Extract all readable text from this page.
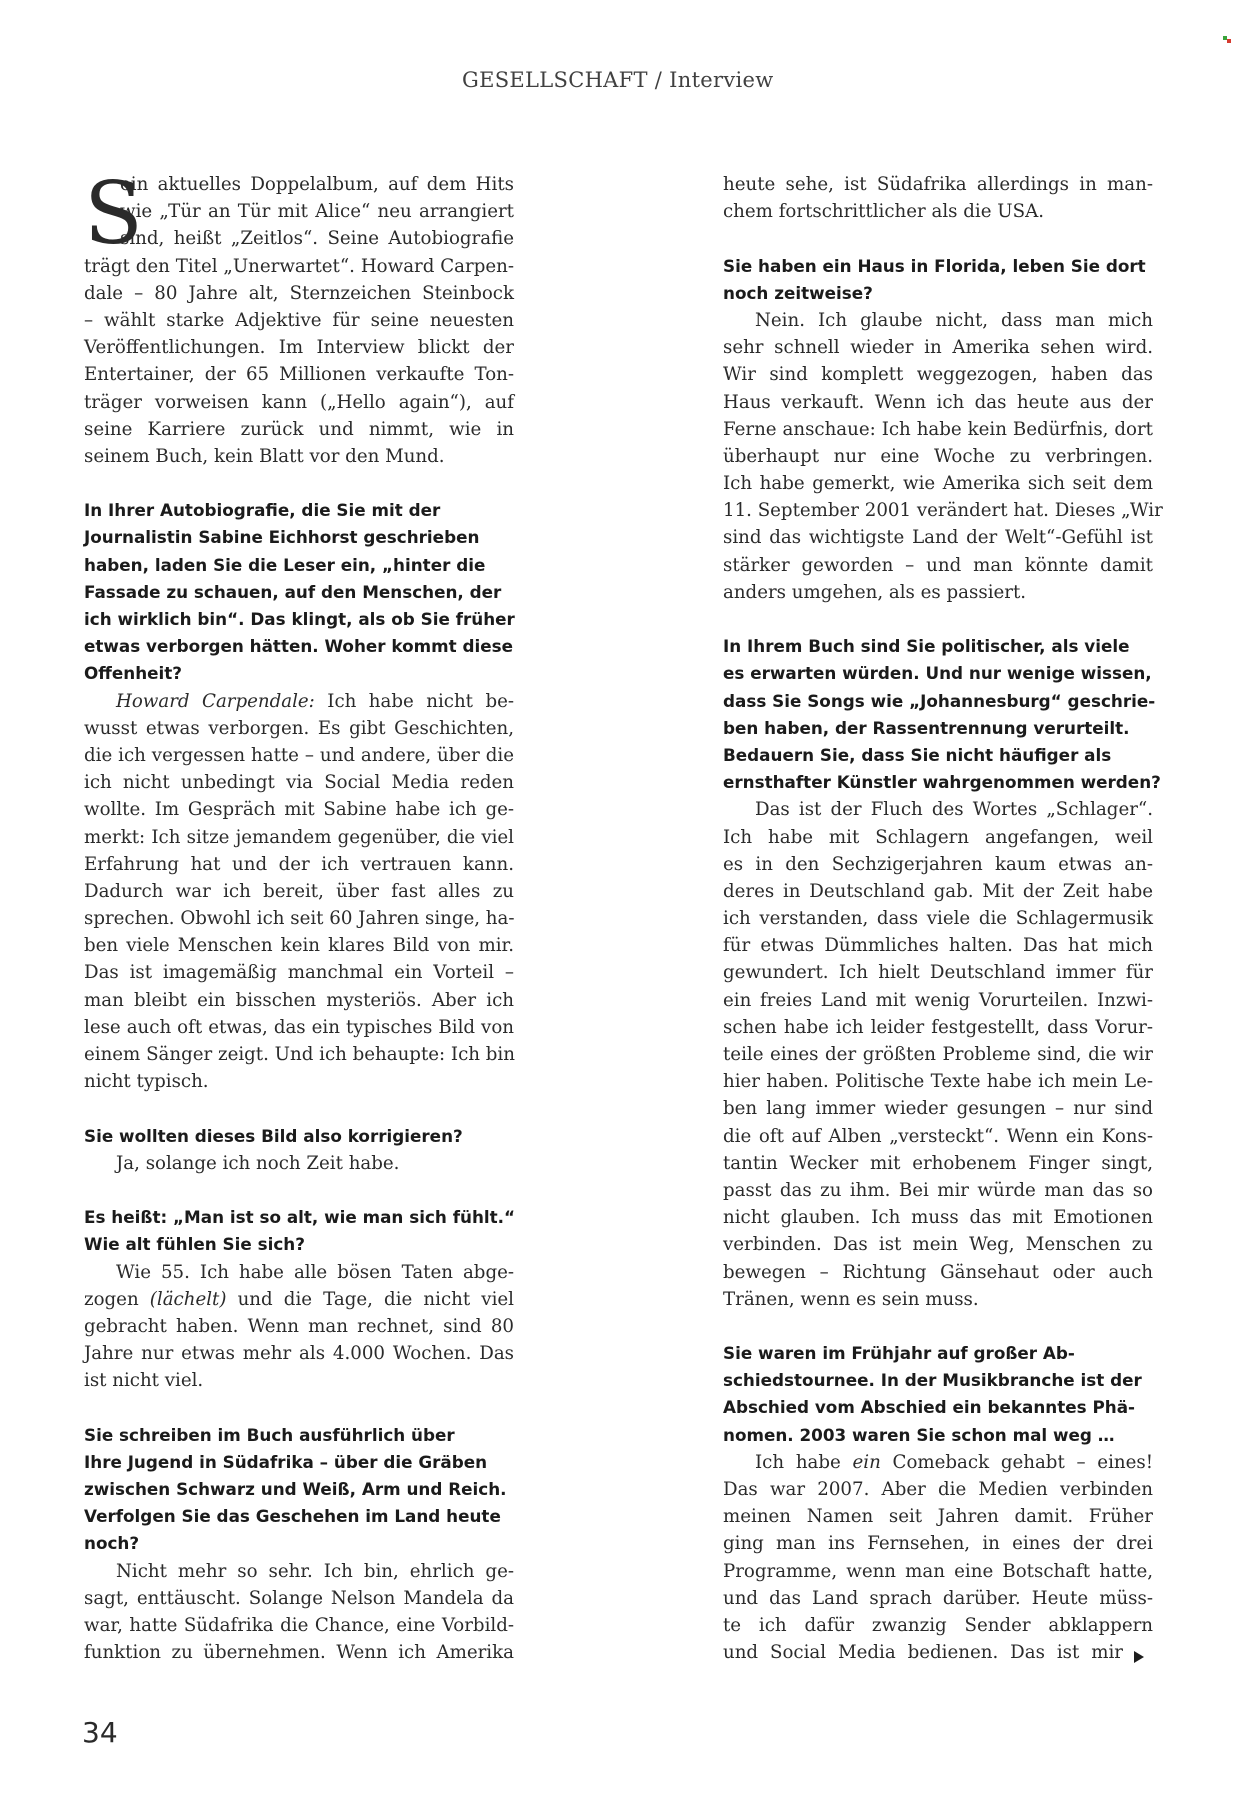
GESELLSCHAFT / Interview
S
ein aktuelles Doppelalbum, auf dem Hits
wie „Tür an Tür mit Alice“ neu arrangiert
sind, heißt „Zeitlos“. Seine Autobiografie
trägt den Titel „Unerwartet“. Howard Carpen-
dale – 80 Jahre alt, Sternzeichen Steinbock
– wählt starke Adjektive für seine neuesten
Veröffentlichungen. Im Interview blickt der
Entertainer, der 65 Millionen verkaufte Ton-
träger vorweisen kann („Hello again“), auf
seine Karriere zurück und nimmt, wie in
seinem Buch, kein Blatt vor den Mund.
In Ihrer Autobiografie, die Sie mit der
Journalistin Sabine Eichhorst geschrieben
haben, laden Sie die Leser ein, „hinter die
Fassade zu schauen, auf den Menschen, der
ich wirklich bin“. Das klingt, als ob Sie früher
etwas verborgen hätten. Woher kommt diese
Offenheit?
Howard Carpendale: Ich habe nicht be-
wusst etwas verborgen. Es gibt Geschichten,
die ich vergessen hatte – und andere, über die
ich nicht unbedingt via Social Media reden
wollte. Im Gespräch mit Sabine habe ich ge-
merkt: Ich sitze jemandem gegenüber, die viel
Erfahrung hat und der ich vertrauen kann.
Dadurch war ich bereit, über fast alles zu
sprechen. Obwohl ich seit 60 Jahren singe, ha-
ben viele Menschen kein klares Bild von mir.
Das ist imagemäßig manchmal ein Vorteil –
man bleibt ein bisschen mysteriös. Aber ich
lese auch oft etwas, das ein typisches Bild von
einem Sänger zeigt. Und ich behaupte: Ich bin
nicht typisch.
Sie wollten dieses Bild also korrigieren?
Ja, solange ich noch Zeit habe.
Es heißt: „Man ist so alt, wie man sich fühlt.“
Wie alt fühlen Sie sich?
Wie 55. Ich habe alle bösen Taten abge-
zogen (lächelt) und die Tage, die nicht viel
gebracht haben. Wenn man rechnet, sind 80
Jahre nur etwas mehr als 4.000 Wochen. Das
ist nicht viel.
Sie schreiben im Buch ausführlich über
Ihre Jugend in Südafrika – über die Gräben
zwischen Schwarz und Weiß, Arm und Reich.
Verfolgen Sie das Geschehen im Land heute
noch?
Nicht mehr so sehr. Ich bin, ehrlich ge-
sagt, enttäuscht. Solange Nelson Mandela da
war, hatte Südafrika die Chance, eine Vorbild-
funktion zu übernehmen. Wenn ich Amerika
heute sehe, ist Südafrika allerdings in man-
chem fortschrittlicher als die USA.
Sie haben ein Haus in Florida, leben Sie dort
noch zeitweise?
Nein. Ich glaube nicht, dass man mich
sehr schnell wieder in Amerika sehen wird.
Wir sind komplett weggezogen, haben das
Haus verkauft. Wenn ich das heute aus der
Ferne anschaue: Ich habe kein Bedürfnis, dort
überhaupt nur eine Woche zu verbringen.
Ich habe gemerkt, wie Amerika sich seit dem
11. September 2001 verändert hat. Dieses „Wir
sind das wichtigste Land der Welt“-Gefühl ist
stärker geworden – und man könnte damit
anders umgehen, als es passiert.
In Ihrem Buch sind Sie politischer, als viele
es erwarten würden. Und nur wenige wissen,
dass Sie Songs wie „Johannesburg“ geschrie-
ben haben, der Rassentrennung verurteilt.
Bedauern Sie, dass Sie nicht häufiger als
ernsthafter Künstler wahrgenommen werden?
Das ist der Fluch des Wortes „Schlager“.
Ich habe mit Schlagern angefangen, weil
es in den Sechzigerjahren kaum etwas an-
deres in Deutschland gab. Mit der Zeit habe
ich verstanden, dass viele die Schlagermusik
für etwas Dümmliches halten. Das hat mich
gewundert. Ich hielt Deutschland immer für
ein freies Land mit wenig Vorurteilen. Inzwi-
schen habe ich leider festgestellt, dass Vorur-
teile eines der größten Probleme sind, die wir
hier haben. Politische Texte habe ich mein Le-
ben lang immer wieder gesungen – nur sind
die oft auf Alben „versteckt“. Wenn ein Kons-
tantin Wecker mit erhobenem Finger singt,
passt das zu ihm. Bei mir würde man das so
nicht glauben. Ich muss das mit Emotionen
verbinden. Das ist mein Weg, Menschen zu
bewegen – Richtung Gänsehaut oder auch
Tränen, wenn es sein muss.
Sie waren im Frühjahr auf großer Ab-
schiedstournee. In der Musikbranche ist der
Abschied vom Abschied ein bekanntes Phä-
nomen. 2003 waren Sie schon mal weg …
Ich habe ein Comeback gehabt – eines!
Das war 2007. Aber die Medien verbinden
meinen Namen seit Jahren damit. Früher
ging man ins Fernsehen, in eines der drei
Programme, wenn man eine Botschaft hatte,
und das Land sprach darüber. Heute müss-
te ich dafür zwanzig Sender abklappern
und Social Media bedienen. Das ist mir
34
